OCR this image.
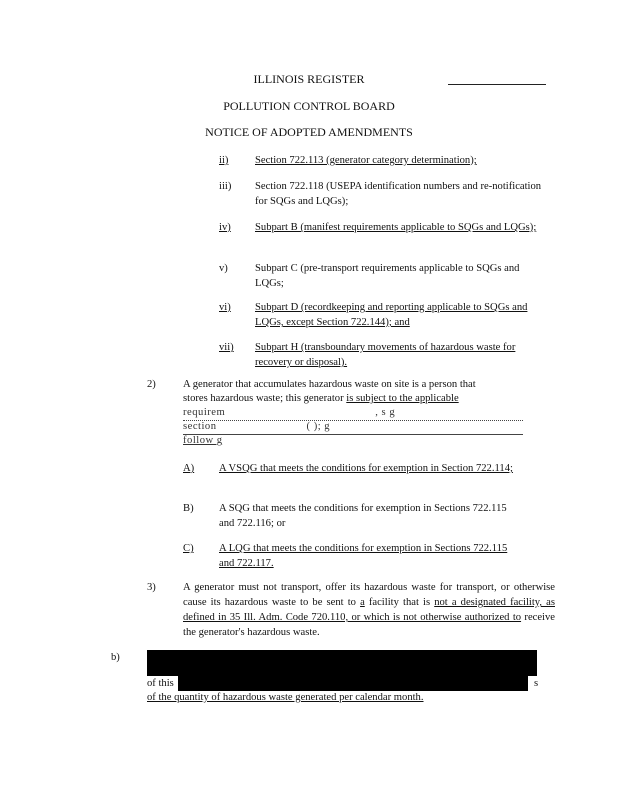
ILLINOIS REGISTER
POLLUTION CONTROL BOARD
NOTICE OF ADOPTED AMENDMENTS
ii)	Section 722.113 (generator category determination);
iii) Section 722.118 (USEPA identification numbers and re-notification for SQGs and LQGs);
iv) Subpart B (manifest requirements applicable to SQGs and LQGs);
v)	Subpart C (pre-transport requirements applicable to SQGs and LQGs;
vi) Subpart D (recordkeeping and reporting applicable to SQGs and LQGs, except Section 722.144); and
vii) Subpart H (transboundary movements of hazardous waste for recovery or disposal).
2)	A generator that accumulates hazardous waste on site is a person that
stores hazardous waste; this generator is subject to the applicable
requirem	, s g
section	( ); g
follow g
A) A VSQG that meets the conditions for exemption in Section 722.114;
B) A SQG that meets the conditions for exemption in Sections 722.115 and 722.116; or
C) A LQG that meets the conditions for exemption in Sections 722.115 and 722.117.
3)	A generator must not transport, offer its hazardous waste for transport, or otherwise cause its hazardous waste to be sent to a facility that is not a designated facility, as defined in 35 Ill. Adm. Code 720.110, or which is not otherwise authorized to receive the generator's hazardous waste.
b)
of this	s
of the quantity of hazardous waste generated per calendar month.
